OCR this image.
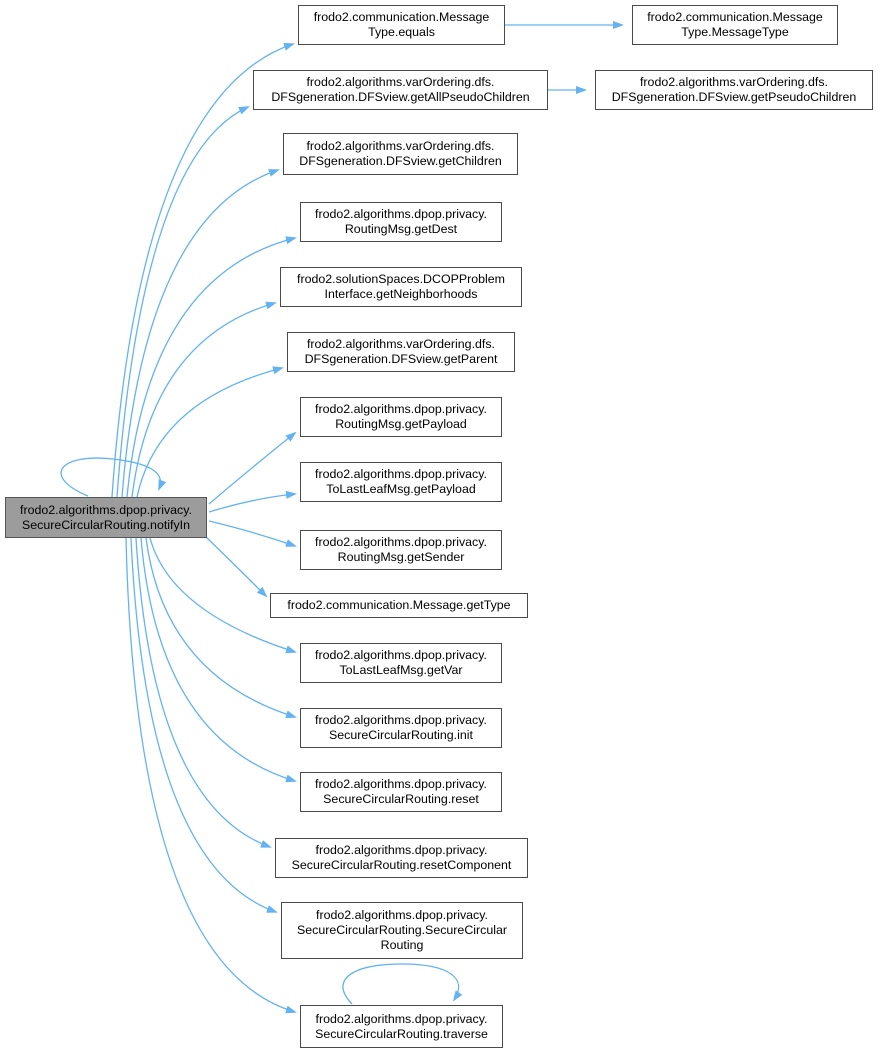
frodo2.algorithms.dpop.privacy.
SecureCircularRouting.notifyIn
frodo2.communication.Message
Type.equals
frodo2.communication.Message
Type.MessageType
frodo2.algorithms.varOrdering.dfs.
DFSgeneration.DFSview.getAllPseudoChildren
frodo2.algorithms.varOrdering.dfs.
DFSgeneration.DFSview.getPseudoChildren
frodo2.algorithms.varOrdering.dfs.
DFSgeneration.DFSview.getChildren
frodo2.algorithms.dpop.privacy.
RoutingMsg.getDest
frodo2.solutionSpaces.DCOPProblem
Interface.getNeighborhoods
frodo2.algorithms.varOrdering.dfs.
DFSgeneration.DFSview.getParent
frodo2.algorithms.dpop.privacy.
RoutingMsg.getPayload
frodo2.algorithms.dpop.privacy.
ToLastLeafMsg.getPayload
frodo2.algorithms.dpop.privacy.
RoutingMsg.getSender
frodo2.communication.Message.getType
frodo2.algorithms.dpop.privacy.
ToLastLeafMsg.getVar
frodo2.algorithms.dpop.privacy.
SecureCircularRouting.init
frodo2.algorithms.dpop.privacy.
SecureCircularRouting.reset
frodo2.algorithms.dpop.privacy.
SecureCircularRouting.resetComponent
frodo2.algorithms.dpop.privacy.
SecureCircularRouting.SecureCircular
Routing
frodo2.algorithms.dpop.privacy.
SecureCircularRouting.traverse
